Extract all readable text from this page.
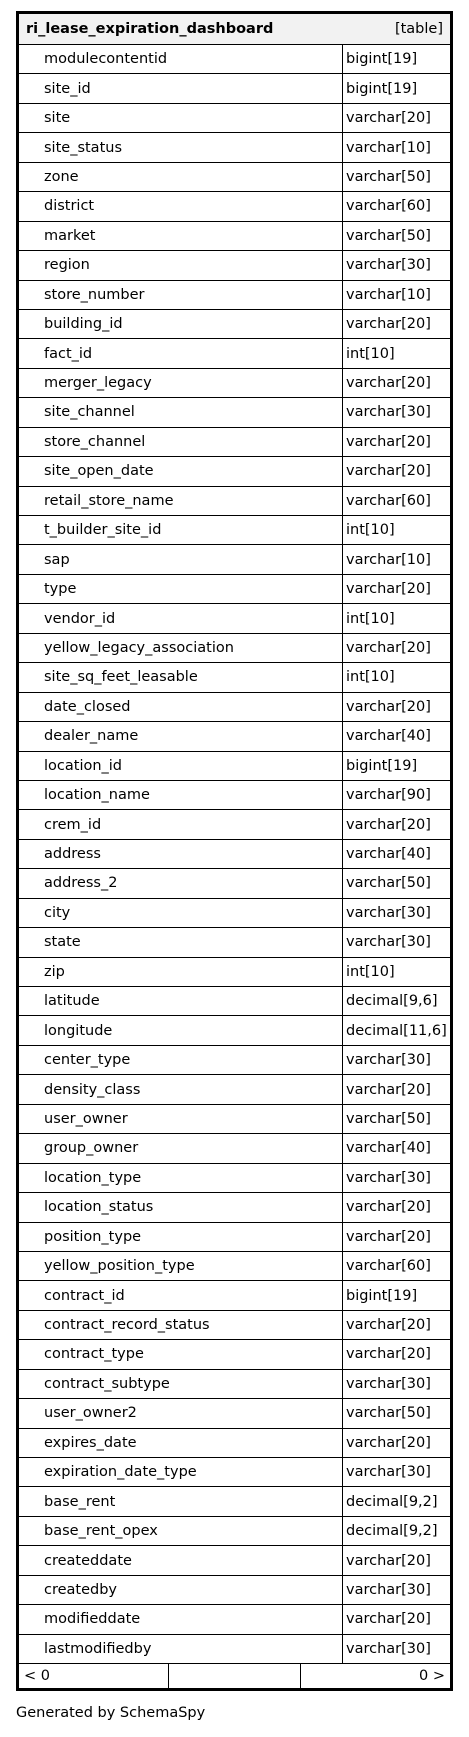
ri_lease_expiration_dashboard	[table]
modulecontentid	bigint[19]
site_id	bigint[19]
site	varchar[20]
site_status	varchar[10]
zone	varchar[50]
district	varchar[60]
market	varchar[50]
region	varchar[30]
store_number	varchar[10]
building_id	varchar[20]
fact_id	int[10]
merger_legacy	varchar[20]
site_channel	varchar[30]
store_channel	varchar[20]
site_open_date	varchar[20]
retail_store_name	varchar[60]
t_builder_site_id	int[10]
sap	varchar[10]
type	varchar[20]
vendor_id	int[10]
yellow_legacy_association	varchar[20]
site_sq_feet_leasable	int[10]
date_closed	varchar[20]
dealer_name	varchar[40]
location_id	bigint[19]
location_name	varchar[90]
crem_id	varchar[20]
address	varchar[40]
address_2	varchar[50]
city	varchar[30]
state	varchar[30]
zip	int[10]
latitude	decimal[9,6]
longitude	decimal[11,6]
center_type	varchar[30]
density_class	varchar[20]
user_owner	varchar[50]
group_owner	varchar[40]
location_type	varchar[30]
location_status	varchar[20]
position_type	varchar[20]
yellow_position_type	varchar[60]
contract_id	bigint[19]
contract_record_status	varchar[20]
contract_type	varchar[20]
contract_subtype	varchar[30]
user_owner2	varchar[50]
expires_date	varchar[20]
expiration_date_type	varchar[30]
base_rent	decimal[9,2]
base_rent_opex	decimal[9,2]
createddate	varchar[20]
createdby	varchar[30]
modifieddate	varchar[20]
lastmodifiedby	varchar[30]
< 0	0 >
Generated by SchemaSpy
